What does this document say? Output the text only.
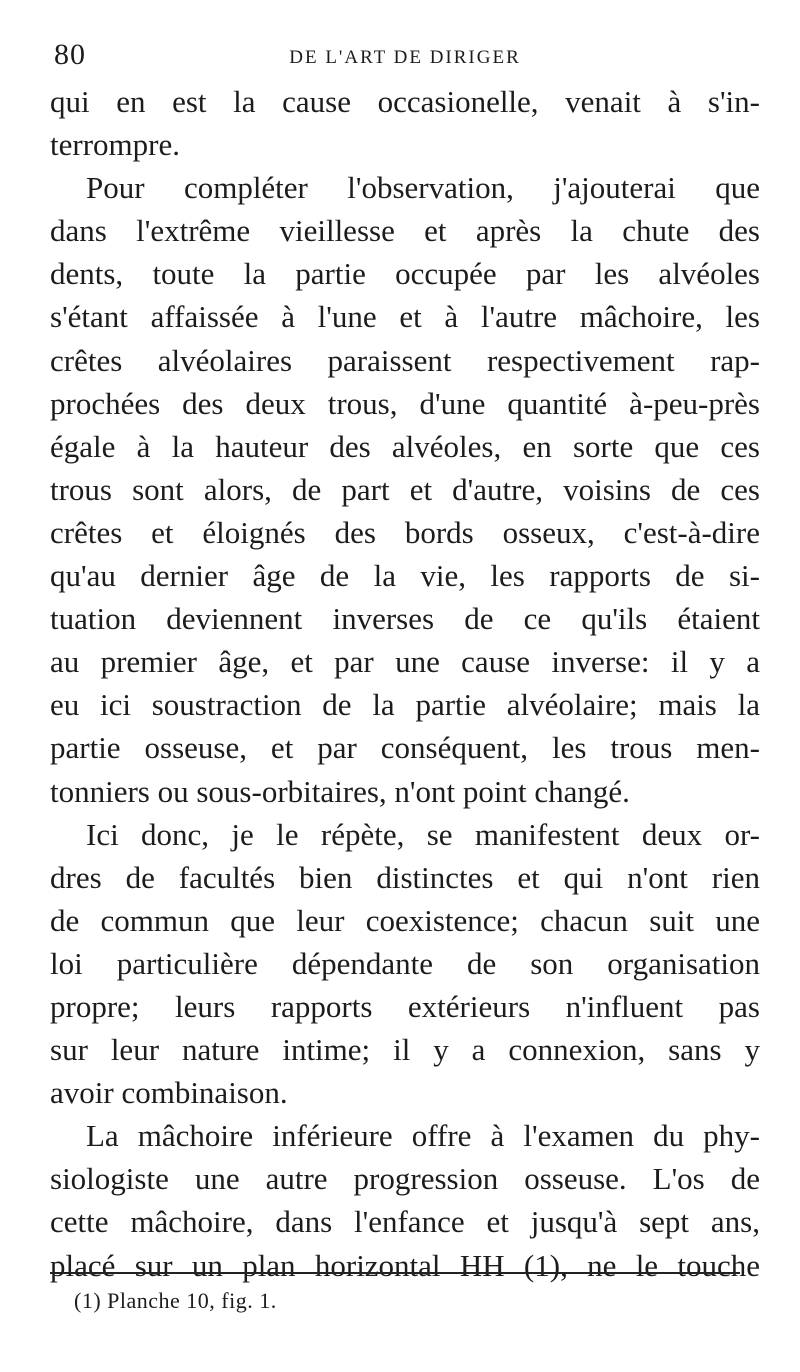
80	DE L'ART DE DIRIGER
qui en est la cause occasionelle, venait à s'in-
terrompre.
Pour compléter l'observation, j'ajouterai que
dans l'extrême vieillesse et après la chute des
dents, toute la partie occupée par les alvéoles
s'étant affaissée à l'une et à l'autre mâchoire, les
crêtes alvéolaires paraissent respectivement rap-
prochées des deux trous, d'une quantité à-peu-près
égale à la hauteur des alvéoles, en sorte que ces
trous sont alors, de part et d'autre, voisins de ces
crêtes et éloignés des bords osseux, c'est-à-dire
qu'au dernier âge de la vie, les rapports de si-
tuation deviennent inverses de ce qu'ils étaient
au premier âge, et par une cause inverse: il y a
eu ici soustraction de la partie alvéolaire; mais la
partie osseuse, et par conséquent, les trous men-
tonniers ou sous-orbitaires, n'ont point changé.
Ici donc, je le répète, se manifestent deux or-
dres de facultés bien distinctes et qui n'ont rien
de commun que leur coexistence; chacun suit une
loi particulière dépendante de son organisation
propre; leurs rapports extérieurs n'influent pas
sur leur nature intime; il y a connexion, sans y
avoir combinaison.
La mâchoire inférieure offre à l'examen du phy-
siologiste une autre progression osseuse. L'os de
cette mâchoire, dans l'enfance et jusqu'à sept ans,
placé sur un plan horizontal HH (1), ne le touche
(1) Planche 10, fig. 1.
